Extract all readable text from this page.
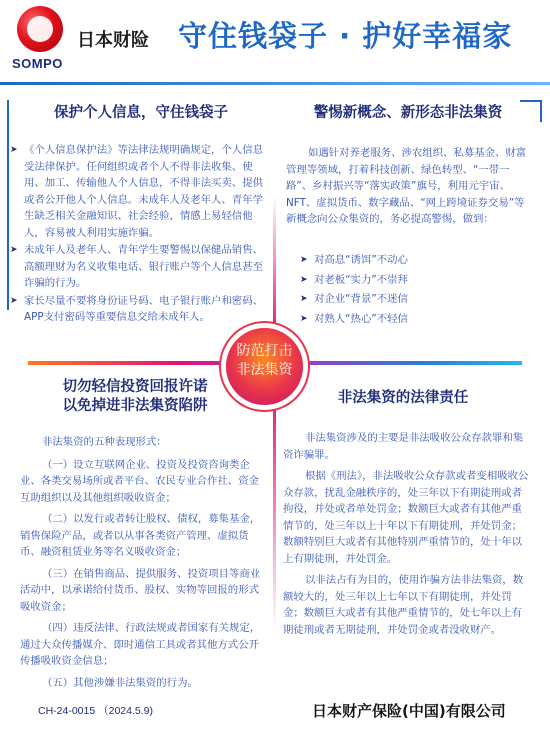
SOMPO
日本财险 守住钱袋子 · 护好幸福家
保护个人信息，守住钱袋子
➤ 《个人信息保护法》等法律法规明确规定，个人信息受法律保护。任何组织或者个人不得非法收集、使用、加工、传输他人个人信息，不得非法买卖、提供或者公开他人个人信息。未成年人及老年人、青年学生缺乏相关金融知识、社会经验，情感上易轻信他人，容易被人利用实施诈骗。
➤ 未成年人及老年人、青年学生要警惕以保健品销售、高额理财为名义收集电话、银行账户等个人信息甚至诈骗的行为。
➤ 家长尽量不要将身份证号码、电子银行账户和密码、APP支付密码等重要信息交给未成年人。
警惕新概念、新形态非法集资
如遇针对养老服务、涉农组织、私募基金、财富管理等领域，打着科技创新、绿色转型、“一带一路”、乡村振兴等“落实政策”旗号，利用元宇宙、NFT、虚拟货币、数字藏品、“网上跨境证券交易”等新概念向公众集资的，务必提高警惕，做到：
➤ 对高息“诱饵”不动心
➤ 对老板“实力”不崇拜
➤ 对企业“背景”不迷信
➤ 对熟人“热心”不轻信
防范打击
非法集资
切勿轻信投资回报许诺
以免掉进非法集资陷阱
非法集资的五种表现形式：
（一）设立互联网企业、投资及投资咨询类企业、各类交易场所或者平台、农民专业合作社、资金互助组织以及其他组织吸收资金；
（二）以发行或者转让股权、债权，募集基金，销售保险产品，或者以从事各类资产管理、虚拟货币、融资租赁业务等名义吸收资金；
（三）在销售商品、提供服务、投资项目等商业活动中，以承诺给付货币、股权、实物等回报的形式吸收资金；
（四）违反法律、行政法规或者国家有关规定，通过大众传播媒介、即时通信工具或者其他方式公开传播吸收资金信息；
（五）其他涉嫌非法集资的行为。
非法集资的法律责任
非法集资涉及的主要是非法吸收公众存款罪和集资诈骗罪。
根据《刑法》，非法吸收公众存款或者变相吸收公众存款，扰乱金融秩序的，处三年以下有期徒刑或者拘役，并处或者单处罚金；数额巨大或者有其他严重情节的，处三年以上十年以下有期徒刑，并处罚金；数额特别巨大或者有其他特别严重情节的，处十年以上有期徒刑，并处罚金。
以非法占有为目的，使用诈骗方法非法集资，数额较大的，处三年以上七年以下有期徒刑，并处罚金；数额巨大或者有其他严重情节的，处七年以上有期徒刑或者无期徒刑，并处罚金或者没收财产。
CH-24-0015 （2024.5.9)	日本财产保险(中国)有限公司
